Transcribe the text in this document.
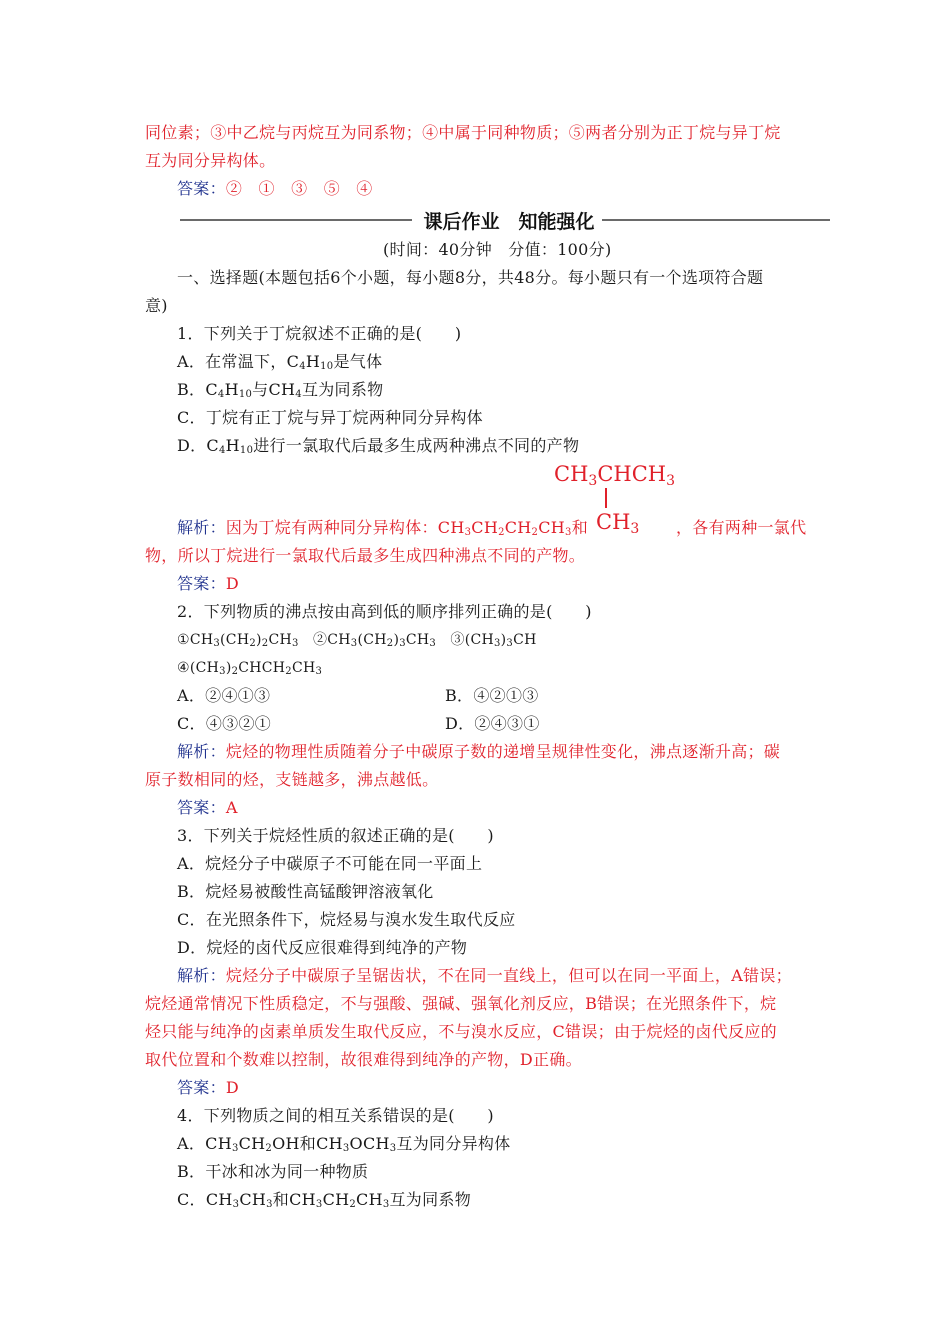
同位素；③中乙烷与丙烷互为同系物；④中属于同种物质；⑤两者分别为正丁烷与异丁烷
互为同分异构体。
答案：②　①　③　⑤　④
课后作业　知能强化
(时间：40分钟　分值：100分)
一、选择题(本题包括6个小题，每小题8分，共48分。每小题只有一个选项符合题
意)
1．下列关于丁烷叙述不正确的是(　　)
A．在常温下，$C_4H_{10}$是气体
B．$C_4H_{10}$与$CH_4$互为同系物
C．丁烷有正丁烷与异丁烷两种同分异构体
D．$C_4H_{10}$进行一氯取代后最多生成两种沸点不同的产物
$CH_3CHCH_3$
$CH_3$
解析：因为丁烷有两种同分异构体：$CH_3CH_2CH_2CH_3$和	，各有两种一氯代
物，所以丁烷进行一氯取代后最多生成四种沸点不同的产物。
答案：D
2．下列物质的沸点按由高到低的顺序排列正确的是(　　)
$①CH_3(CH_2)_2CH_3$　 $②CH_3(CH_2)_3CH_3$　 $③(CH_3)_3CH$
$④(CH_3)_2CHCH_2CH_3$
A．②④①③	B．④②①③
C．④③②①	D．②④③①
解析：烷烃的物理性质随着分子中碳原子数的递增呈规律性变化，沸点逐渐升高；碳
原子数相同的烃，支链越多，沸点越低。
答案：A
3．下列关于烷烃性质的叙述正确的是(　　)
A．烷烃分子中碳原子不可能在同一平面上
B．烷烃易被酸性高锰酸钾溶液氧化
C．在光照条件下，烷烃易与溴水发生取代反应
D．烷烃的卤代反应很难得到纯净的产物
解析：烷烃分子中碳原子呈锯齿状，不在同一直线上，但可以在同一平面上，A错误；
烷烃通常情况下性质稳定，不与强酸、强碱、强氧化剂反应，B错误；在光照条件下，烷
烃只能与纯净的卤素单质发生取代反应，不与溴水反应，C错误；由于烷烃的卤代反应的
取代位置和个数难以控制，故很难得到纯净的产物，D正确。
答案：D
4．下列物质之间的相互关系错误的是(　　)
A．$CH_3CH_2OH$和$CH_3OCH_3$互为同分异构体
B．干冰和冰为同一种物质
C．$CH_3CH_3$和$CH_3CH_2CH_3$互为同系物
